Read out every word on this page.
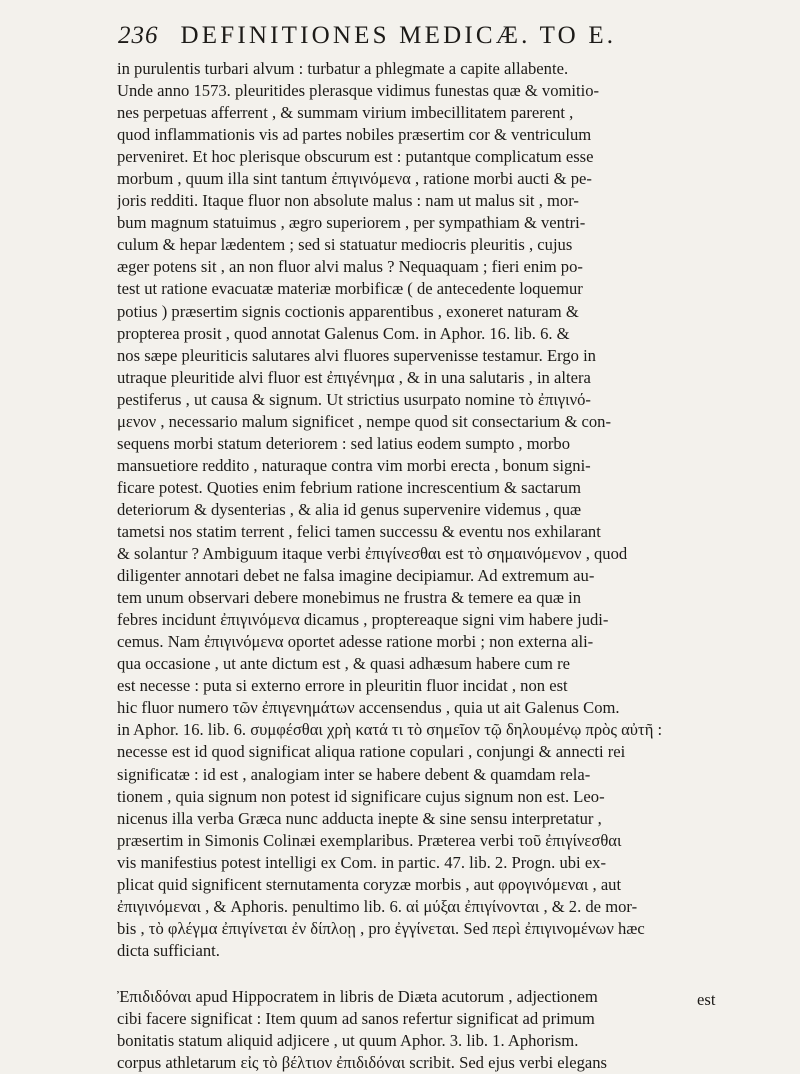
236 DEFINITIONES MEDICÆ. TO E.
in purulentis turbari alvum : turbatur a phlegmate a capite allabente.
Unde anno 1573. pleuritides plerasque vidimus funestas quæ & vomitio-
nes perpetuas afferrent , & summam virium imbecillitatem parerent ,
quod inflammationis vis ad partes nobiles præsertim cor & ventriculum
perveniret. Et hoc plerisque obscurum est : putantque complicatum esse
morbum , quum illa sint tantum ἐπιγινόμενα , ratione morbi aucti & pe-
joris redditi. Itaque fluor non absolute malus : nam ut malus sit , mor-
bum magnum statuimus , ægro superiorem , per sympathiam & ventri-
culum & hepar lædentem ; sed si statuatur mediocris pleuritis , cujus
æger potens sit , an non fluor alvi malus ? Nequaquam ; fieri enim po-
test ut ratione evacuatæ materiæ morbificæ ( de antecedente loquemur
potius ) præsertim signis coctionis apparentibus , exoneret naturam &
propterea prosit , quod annotat Galenus Com. in Aphor. 16. lib. 6. &
nos sæpe pleuriticis salutares alvi fluores supervenisse testamur. Ergo in
utraque pleuritide alvi fluor est ἐπιγένημα , & in una salutaris , in altera
pestiferus , ut causa & signum. Ut strictius usurpato nomine τὸ ἐπιγινό-
μενον , necessario malum significet , nempe quod sit consectarium & con-
sequens morbi statum deteriorem : sed latius eodem sumpto , morbo
mansuetiore reddito , naturaque contra vim morbi erecta , bonum signi-
ficare potest. Quoties enim febrium ratione increscentium & sactarum
deteriorum & dysenterias , & alia id genus supervenire videmus , quæ
tametsi nos statim terrent , felici tamen successu & eventu nos exhilarant
& solantur ? Ambiguum itaque verbi ἐπιγίνεσθαι est τὸ σημαινόμενον , quod
diligenter annotari debet ne falsa imagine decipiamur. Ad extremum au-
tem unum observari debere monebimus ne frustra & temere ea quæ in
febres incidunt ἐπιγινόμενα dicamus , proptereaque signi vim habere judi-
cemus. Nam ἐπιγινόμενα oportet adesse ratione morbi ; non externa ali-
qua occasione , ut ante dictum est , & quasi adhæsum habere cum re
est necesse : puta si externo errore in pleuritin fluor incidat , non est
hic fluor numero τῶν ἐπιγενημάτων accensendus , quia ut ait Galenus Com.
in Aphor. 16. lib. 6. συμφέσθαι χρὴ κατά τι τὸ σημεῖον τῷ δηλουμένῳ πρὸς αὐτῆ :
necesse est id quod significat aliqua ratione copulari , conjungi & annecti rei
significatæ : id est , analogiam inter se habere debent & quamdam rela-
tionem , quia signum non potest id significare cujus signum non est. Leo-
nicenus illa verba Græca nunc adducta inepte & sine sensu interpretatur ,
præsertim in Simonis Colinæi exemplaribus. Præterea verbi τοῦ ἐπιγίνεσθαι
vis manifestius potest intelligi ex Com. in partic. 47. lib. 2. Progn. ubi ex-
plicat quid significent sternutamenta coryzæ morbis , aut φρογινόμεναι , aut
ἐπιγινόμεναι , & Aphoris. penultimo lib. 6. αἱ μύξαι ἐπιγίνονται , & 2. de mor-
bis , τὸ φλέγμα ἐπιγίνεται ἐν δίπλοῃ , pro ἐγγίνεται. Sed περὶ ἐπιγινομένων hæc
dicta sufficiant.
Ἐπιδιδόναι apud Hippocratem in libris de Diæta acutorum , adjectionem
cibi facere significat : Item quum ad sanos refertur significat ad primum
bonitatis statum aliquid adjicere , ut quum Aphor. 3. lib. 1. Aphorism.
corpus athletarum εἰς τὸ βέλτιον ἐπιδιδόναι scribit. Sed ejus verbi elegans
est
